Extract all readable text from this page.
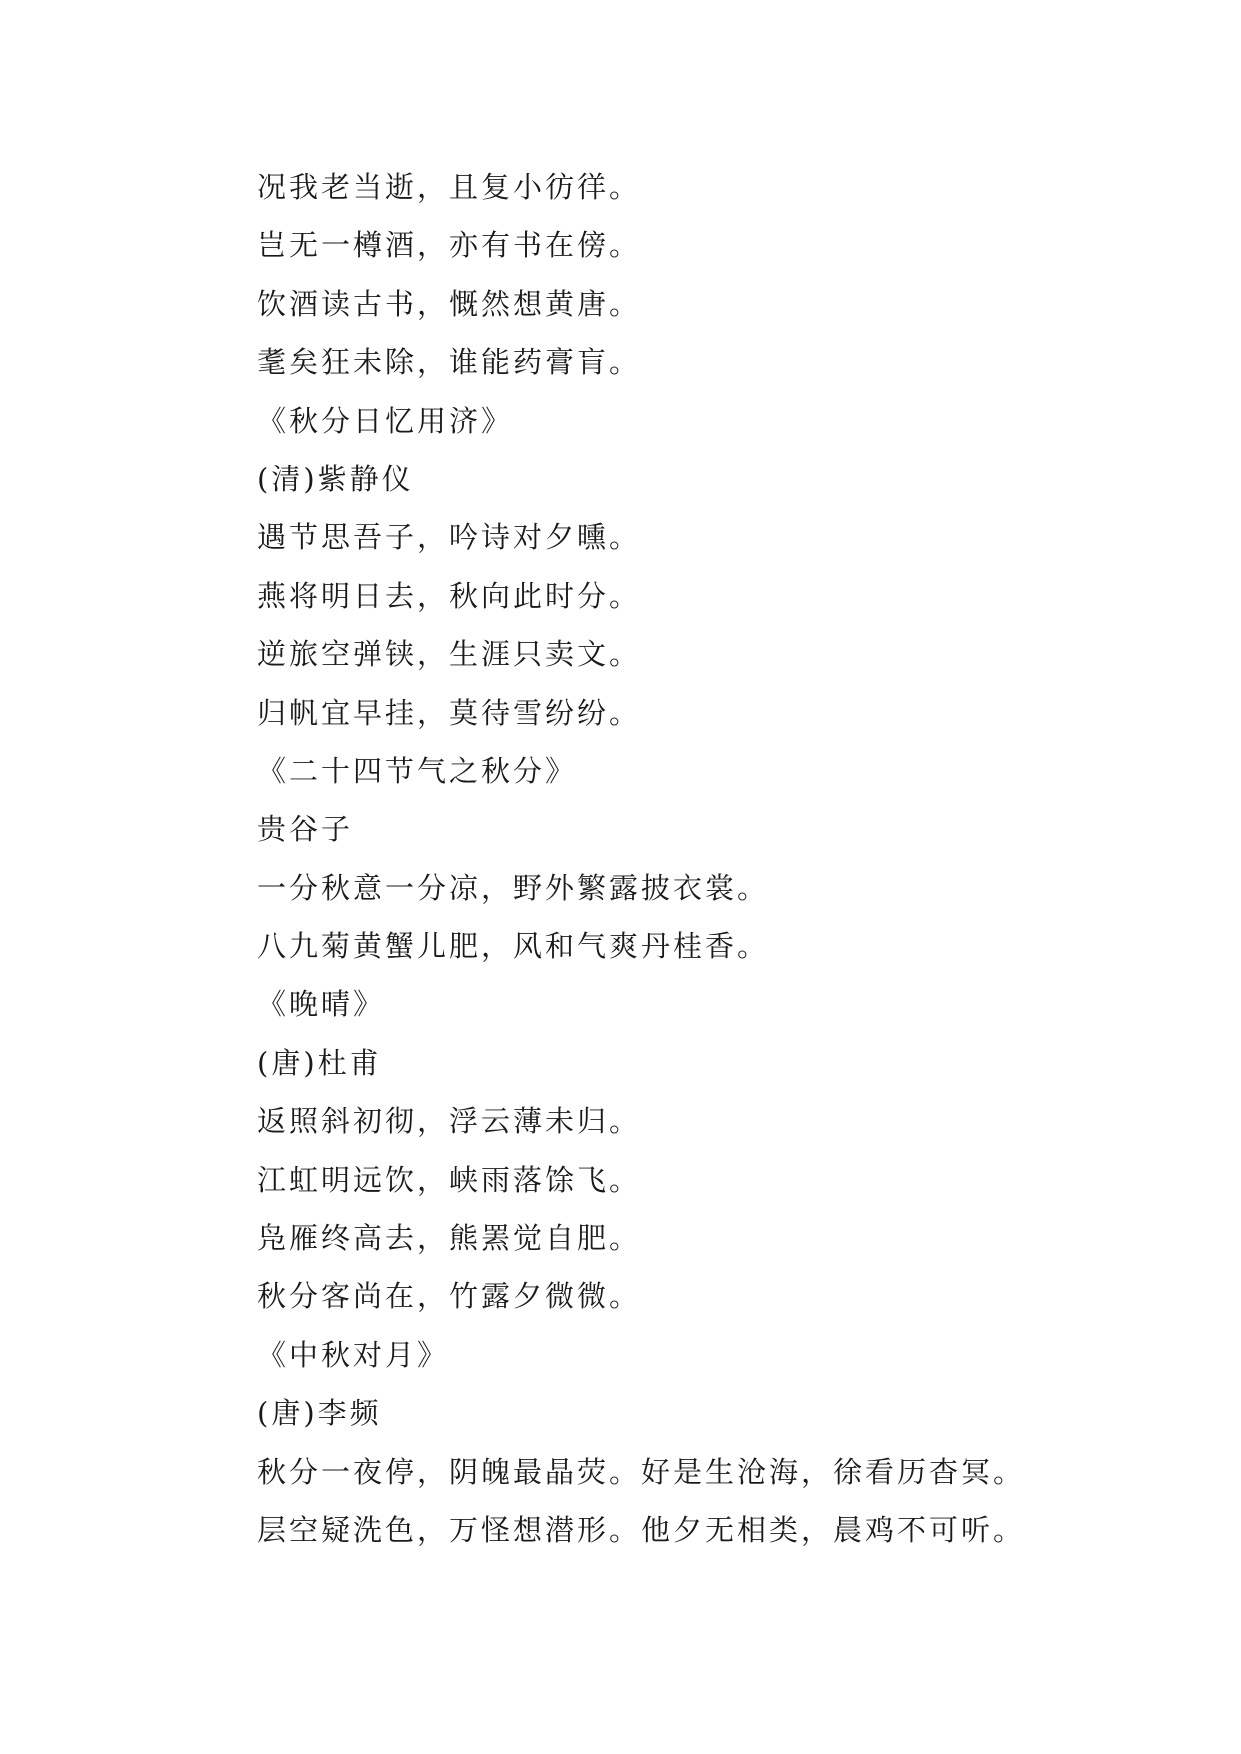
况我老当逝，且复小彷徉。

岂无一樽酒，亦有书在傍。

饮酒读古书，慨然想黄唐。

耄矣狂未除，谁能药膏肓。

《秋分日忆用济》

(清)紫静仪

遇节思吾子，吟诗对夕曛。

燕将明日去，秋向此时分。

逆旅空弹铗，生涯只卖文。

归帆宜早挂，莫待雪纷纷。

《二十四节气之秋分》

贵谷子

一分秋意一分凉，野外繁露披衣裳。

八九菊黄蟹儿肥，风和气爽丹桂香。

《晚晴》

(唐)杜甫

返照斜初彻，浮云薄未归。

江虹明远饮，峡雨落馀飞。

凫雁终高去，熊罴觉自肥。

秋分客尚在，竹露夕微微。

《中秋对月》

(唐)李频

秋分一夜停，阴魄最晶荧。好是生沧海，徐看历杳冥。

层空疑洗色，万怪想潜形。他夕无相类，晨鸡不可听。
